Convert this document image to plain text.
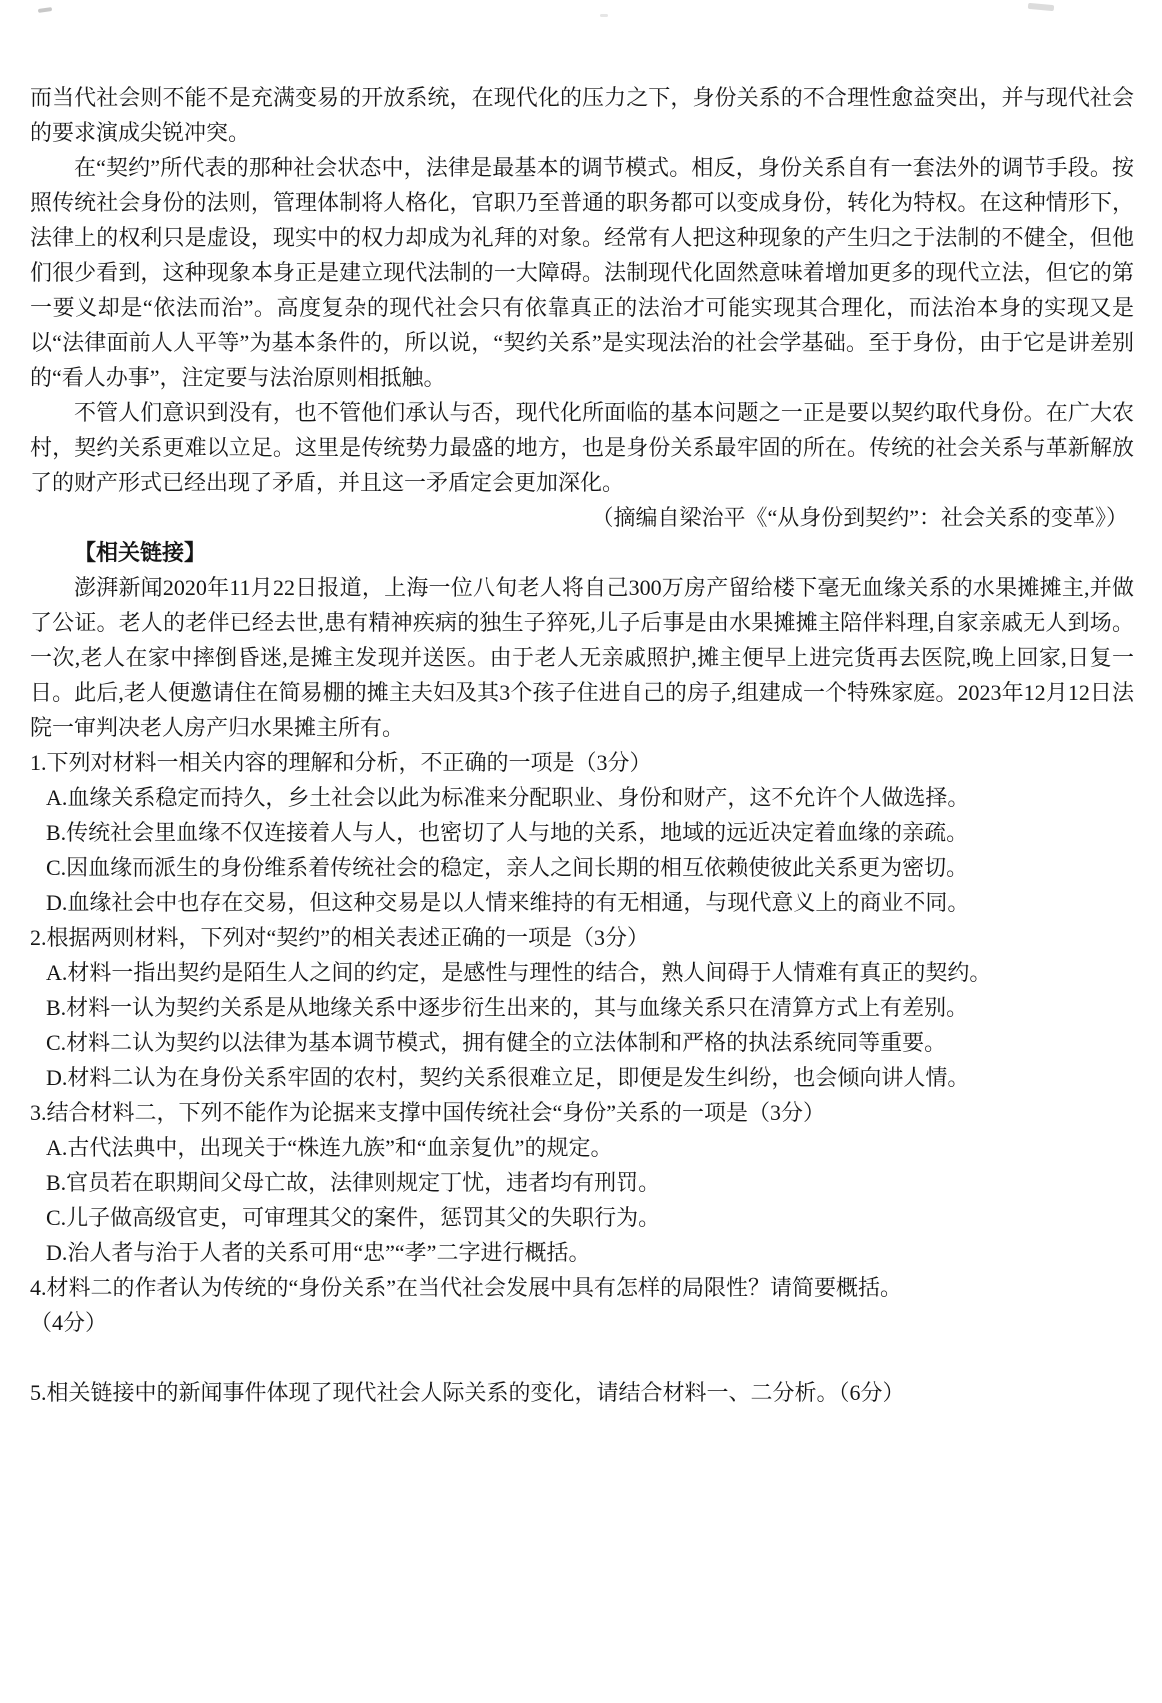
而当代社会则不能不是充满变易的开放系统，在现代化的压力之下，身份关系的不合理性愈益突出，并与现代社会的要求演成尖锐冲突。

在“契约”所代表的那种社会状态中，法律是最基本的调节模式。相反，身份关系自有一套法外的调节手段。按照传统社会身份的法则，管理体制将人格化，官职乃至普通的职务都可以变成身份，转化为特权。在这种情形下，法律上的权利只是虚设，现实中的权力却成为礼拜的对象。经常有人把这种现象的产生归之于法制的不健全，但他们很少看到，这种现象本身正是建立现代法制的一大障碍。法制现代化固然意味着增加更多的现代立法，但它的第一要义却是“依法而治”。高度复杂的现代社会只有依靠真正的法治才可能实现其合理化，而法治本身的实现又是以“法律面前人人平等”为基本条件的，所以说，“契约关系”是实现法治的社会学基础。至于身份，由于它是讲差别的“看人办事”，注定要与法治原则相抵触。

不管人们意识到没有，也不管他们承认与否，现代化所面临的基本问题之一正是要以契约取代身份。在广大农村，契约关系更难以立足。这里是传统势力最盛的地方，也是身份关系最牢固的所在。传统的社会关系与革新解放了的财产形式已经出现了矛盾，并且这一矛盾定会更加深化。

（摘编自梁治平《“从身份到契约”：社会关系的变革》）

【相关链接】

澎湃新闻2020年11月22日报道，上海一位八旬老人将自己300万房产留给楼下毫无血缘关系的水果摊摊主,并做了公证。老人的老伴已经去世,患有精神疾病的独生子猝死,儿子后事是由水果摊摊主陪伴料理,自家亲戚无人到场。一次,老人在家中摔倒昏迷,是摊主发现并送医。由于老人无亲戚照护,摊主便早上进完货再去医院,晚上回家,日复一日。此后,老人便邀请住在简易棚的摊主夫妇及其3个孩子住进自己的房子,组建成一个特殊家庭。2023年12月12日法院一审判决老人房产归水果摊主所有。

1.下列对材料一相关内容的理解和分析，不正确的一项是（3分）

A.血缘关系稳定而持久，乡土社会以此为标准来分配职业、身份和财产，这不允许个人做选择。

B.传统社会里血缘不仅连接着人与人，也密切了人与地的关系，地域的远近决定着血缘的亲疏。

C.因血缘而派生的身份维系着传统社会的稳定，亲人之间长期的相互依赖使彼此关系更为密切。

D.血缘社会中也存在交易，但这种交易是以人情来维持的有无相通，与现代意义上的商业不同。

2.根据两则材料，下列对“契约”的相关表述正确的一项是（3分）

A.材料一指出契约是陌生人之间的约定，是感性与理性的结合，熟人间碍于人情难有真正的契约。

B.材料一认为契约关系是从地缘关系中逐步衍生出来的，其与血缘关系只在清算方式上有差别。

C.材料二认为契约以法律为基本调节模式，拥有健全的立法体制和严格的执法系统同等重要。

D.材料二认为在身份关系牢固的农村，契约关系很难立足，即便是发生纠纷，也会倾向讲人情。

3.结合材料二，下列不能作为论据来支撑中国传统社会“身份”关系的一项是（3分）

A.古代法典中，出现关于“株连九族”和“血亲复仇”的规定。

B.官员若在职期间父母亡故，法律则规定丁忧，违者均有刑罚。

C.儿子做高级官吏，可审理其父的案件，惩罚其父的失职行为。

D.治人者与治于人者的关系可用“忠”“孝”二字进行概括。

4.材料二的作者认为传统的“身份关系”在当代社会发展中具有怎样的局限性？请简要概括。

（4分）

5.相关链接中的新闻事件体现了现代社会人际关系的变化，请结合材料一、二分析。（6分）
